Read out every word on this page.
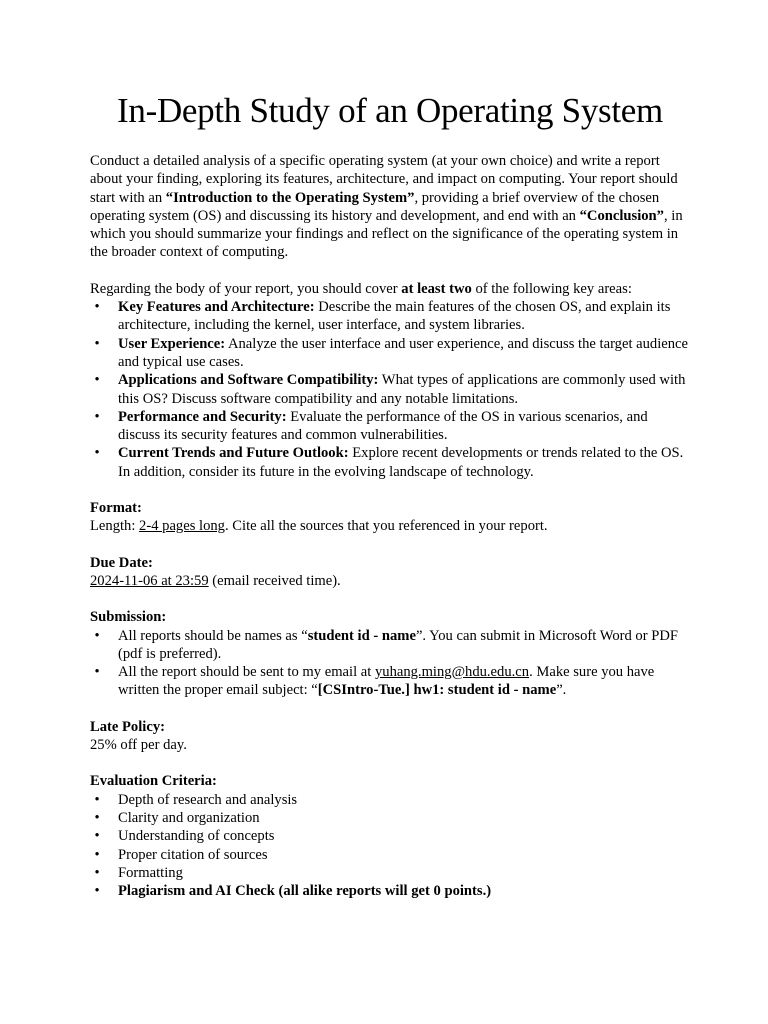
In-Depth Study of an Operating System

Conduct a detailed analysis of a specific operating system (at your own choice) and write a report about your finding, exploring its features, architecture, and impact on computing. Your report should start with an “Introduction to the Operating System”, providing a brief overview of the chosen operating system (OS) and discussing its history and development, and end with an “Conclusion”, in which you should summarize your findings and reflect on the significance of the operating system in the broader context of computing.

Regarding the body of your report, you should cover at least two of the following key areas:

•	Key Features and Architecture: Describe the main features of the chosen OS, and explain its architecture, including the kernel, user interface, and system libraries.
•	User Experience: Analyze the user interface and user experience, and discuss the target audience and typical use cases.
•	Applications and Software Compatibility: What types of applications are commonly used with this OS? Discuss software compatibility and any notable limitations.
•	Performance and Security: Evaluate the performance of the OS in various scenarios, and discuss its security features and common vulnerabilities.
•	Current Trends and Future Outlook: Explore recent developments or trends related to the OS. In addition, consider its future in the evolving landscape of technology.
Format:
Length: 2-4 pages long. Cite all the sources that you referenced in your report.
Due Date:
2024-11-06 at 23:59 (email received time).
Submission:
•	All reports should be names as “student id - name”. You can submit in Microsoft Word or PDF (pdf is preferred).
•	All the report should be sent to my email at yuhang.ming@hdu.edu.cn. Make sure you have written the proper email subject: “[CSIntro-Tue.] hw1: student id - name”.
Late Policy:
25% off per day.
Evaluation Criteria:
•	Depth of research and analysis
•	Clarity and organization
•	Understanding of concepts
•	Proper citation of sources
•	Formatting
•	Plagiarism and AI Check (all alike reports will get 0 points.)
